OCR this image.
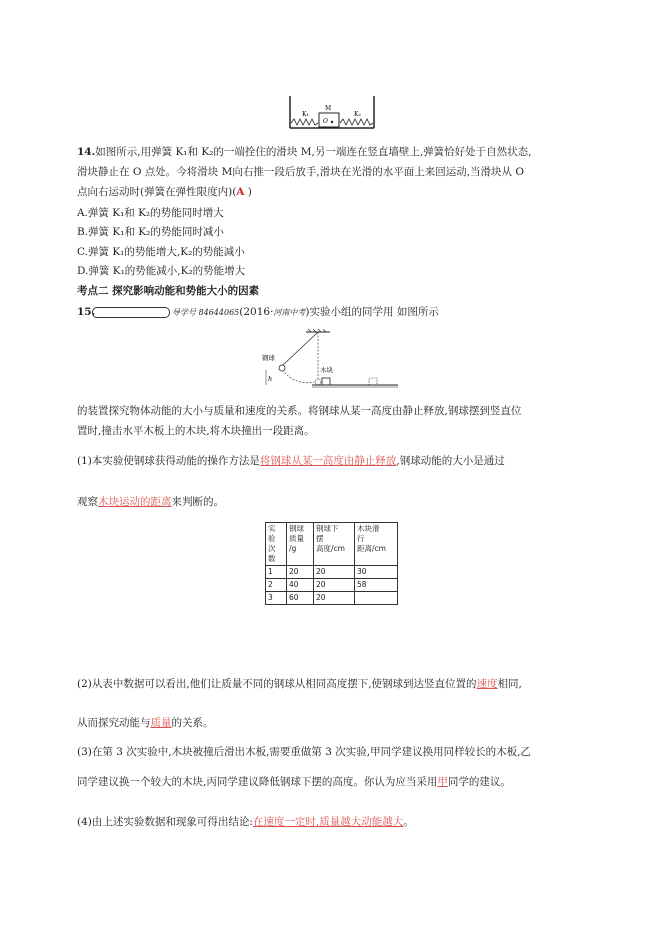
K₁
M
K₂
O
14.如图所示,用弹簧 K₁和 K₂的一端拴住的滑块 M,另一端连在竖直墙壁上,弹簧恰好处于自然状态,
滑块静止在 O 点处。今将滑块 M向右推一段后放手,滑块在光滑的水平面上来回运动,当滑块从 O
点向右运动时(弹簧在弹性限度内)(A )
A.弹簧 K₁和 K₂的势能同时增大
B.弹簧 K₁和 K₂的势能同时减小
C.弹簧 K₁的势能增大,K₂的势能减小
D.弹簧 K₁的势能减小,K₂的势能增大
考点二 探究影响动能和势能大小的因素
15.	导学号 84644065(2016·河南中考)实验小组的同学用 如图所示
钢球
木块
h
的装置探究物体动能的大小与质量和速度的关系。将钢球从某一高度由静止释放,钢球摆到竖直位
置时,撞击水平木板上的木块,将木块撞出一段距离。
(1)本实验使钢球获得动能的操作方法是将钢球从某一高度由静止释放,钢球动能的大小是通过
观察木块运动的距离来判断的。
实
验
次
数	钢球
质量
/g	钢球下
摆
高度/cm	木块滑
行
距离/cm
1	20	20	30
2	40	20	58
3	60	20	
(2)从表中数据可以看出,他们让质量不同的钢球从相同高度摆下,使钢球到达竖直位置的速度相同,
从而探究动能与质量的关系。
(3)在第 3 次实验中,木块被撞后滑出木板,需要重做第 3 次实验,甲同学建议换用同样较长的木板,乙
同学建议换一个较大的木块,丙同学建议降低钢球下摆的高度。你认为应当采用甲同学的建议。
(4)由上述实验数据和现象可得出结论:在速度一定时,质量越大动能越大。
